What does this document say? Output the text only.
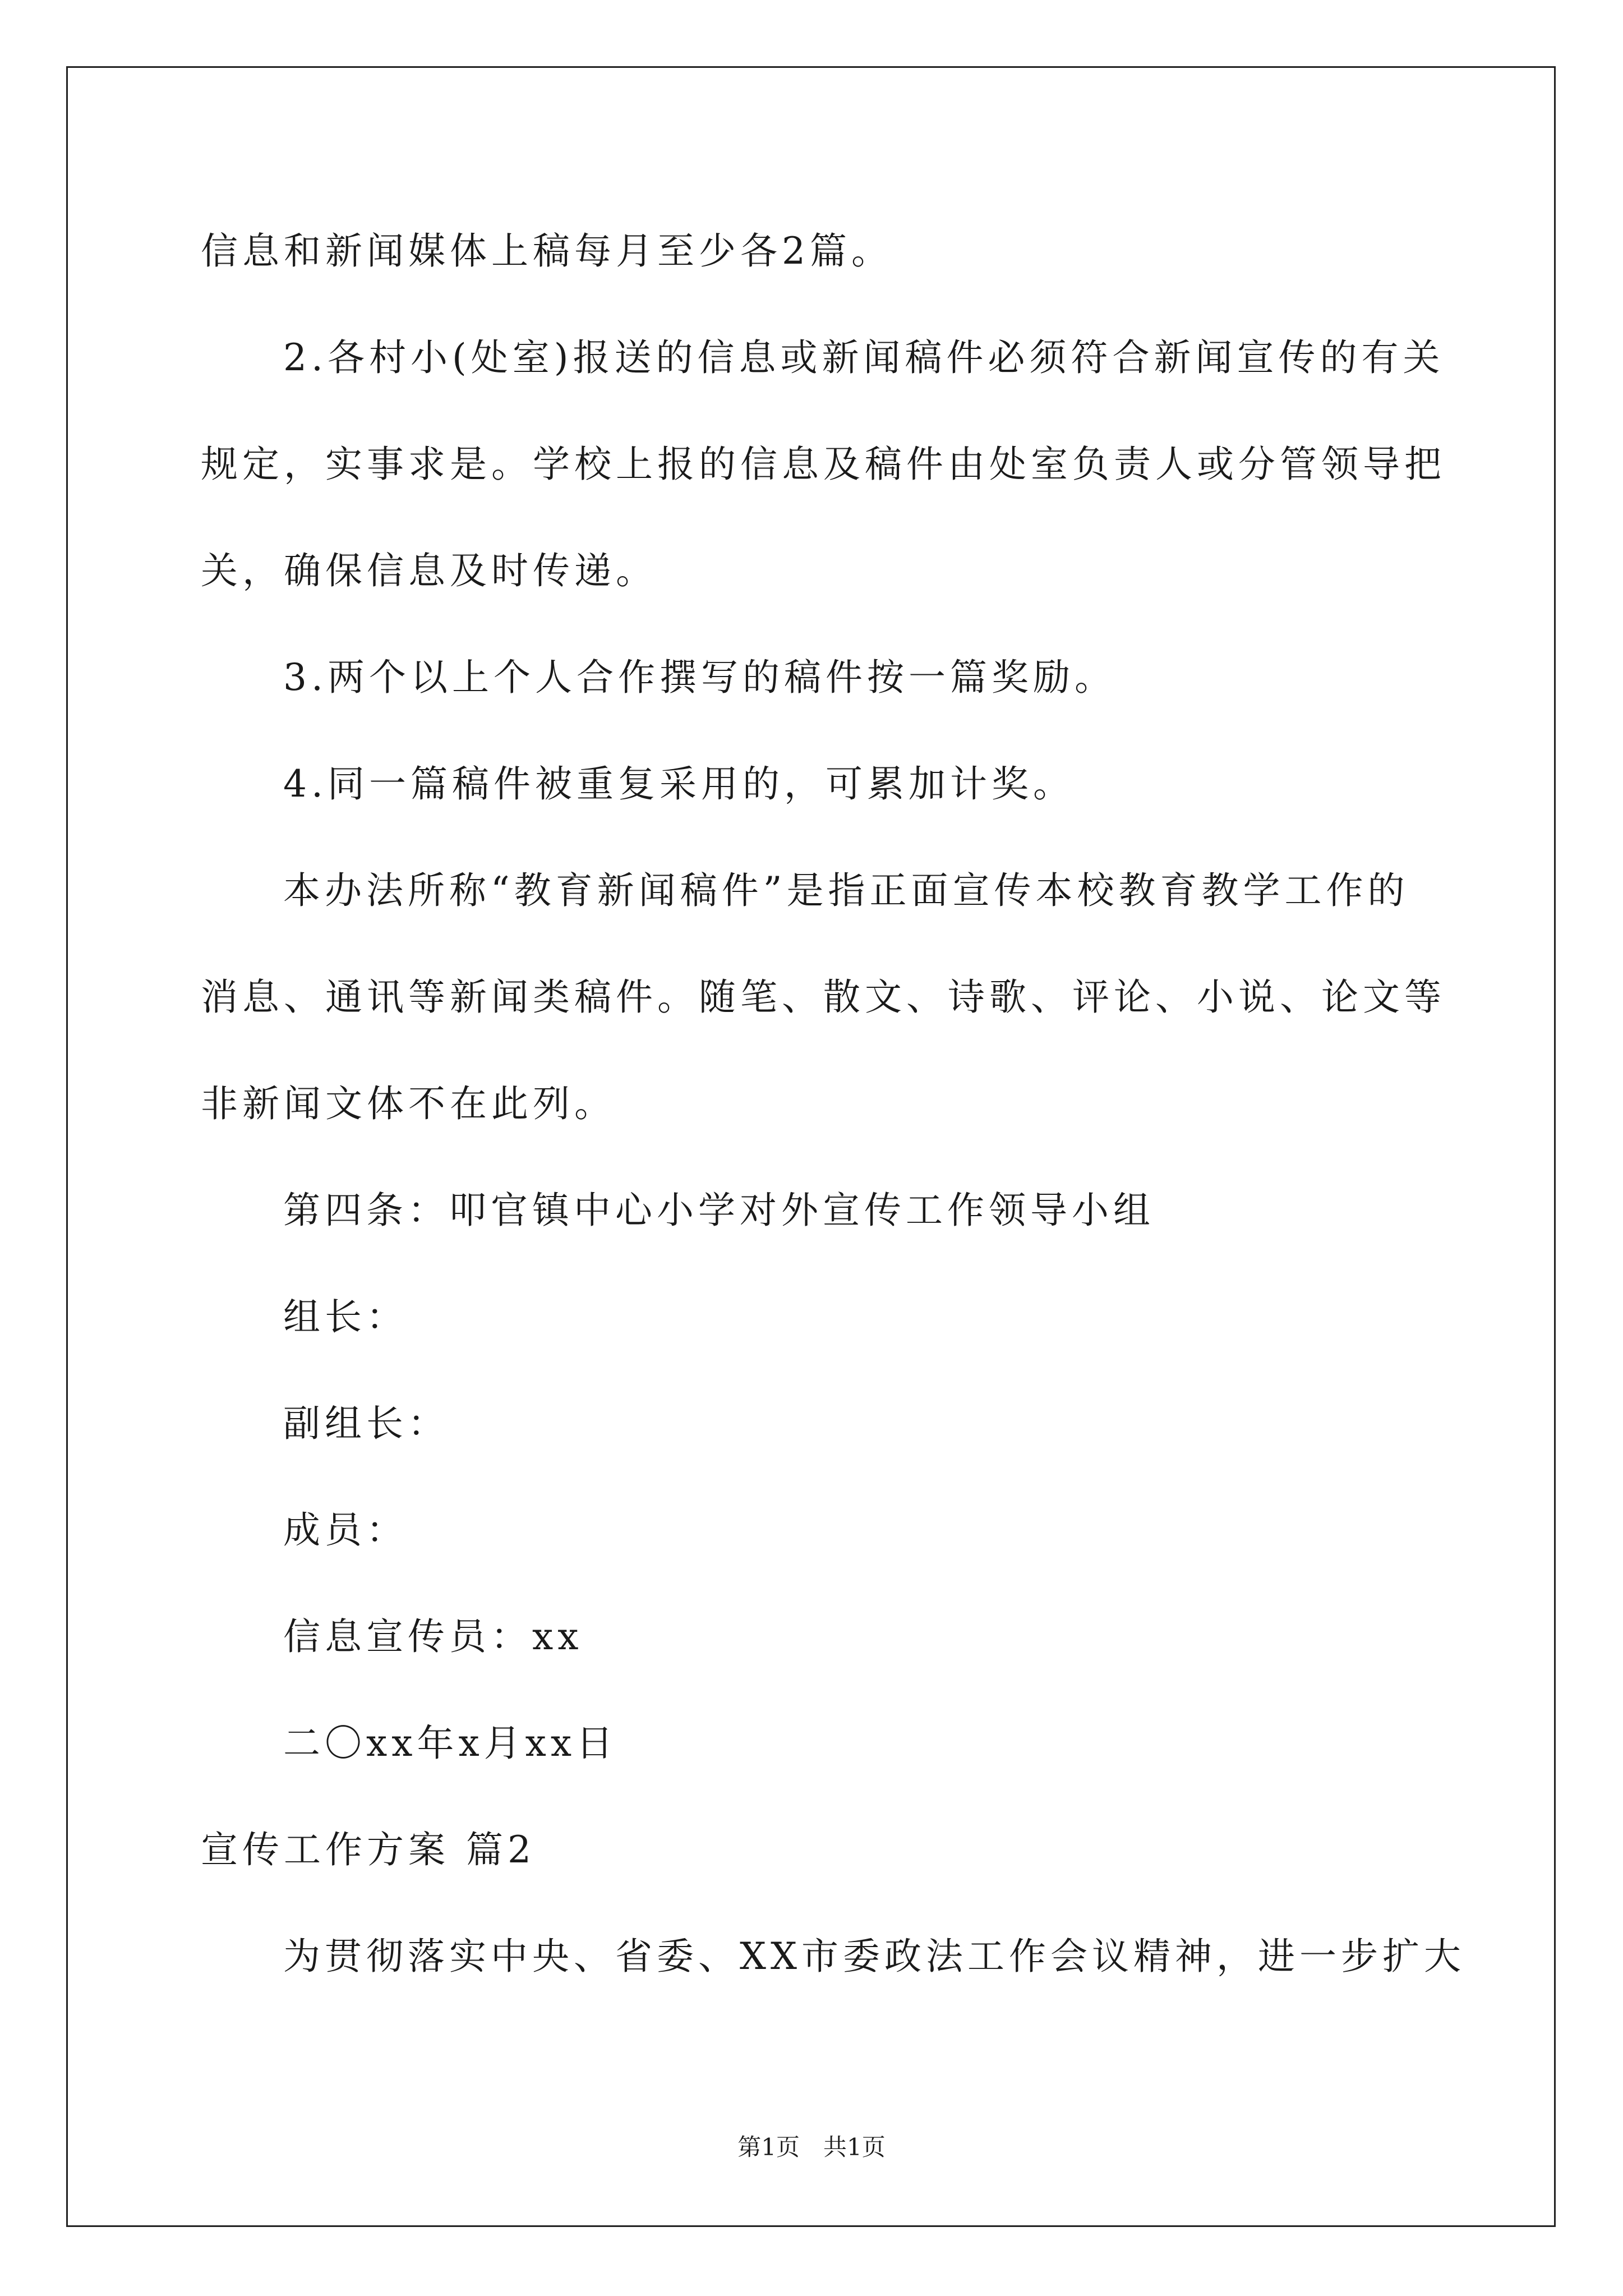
信息和新闻媒体上稿每月至少各2篇。
2.各村小(处室)报送的信息或新闻稿件必须符合新闻宣传的有关
规定，实事求是。学校上报的信息及稿件由处室负责人或分管领导把
关，确保信息及时传递。
3.两个以上个人合作撰写的稿件按一篇奖励。
4.同一篇稿件被重复采用的，可累加计奖。
本办法所称“教育新闻稿件”是指正面宣传本校教育教学工作的
消息、通讯等新闻类稿件。随笔、散文、诗歌、评论、小说、论文等
非新闻文体不在此列。
第四条：叩官镇中心小学对外宣传工作领导小组
组长：
副组长：
成员：
信息宣传员：xx
二〇xx年x月xx日
宣传工作方案 篇2
为贯彻落实中央、省委、XX市委政法工作会议精神，进一步扩大
第1页　共1页
